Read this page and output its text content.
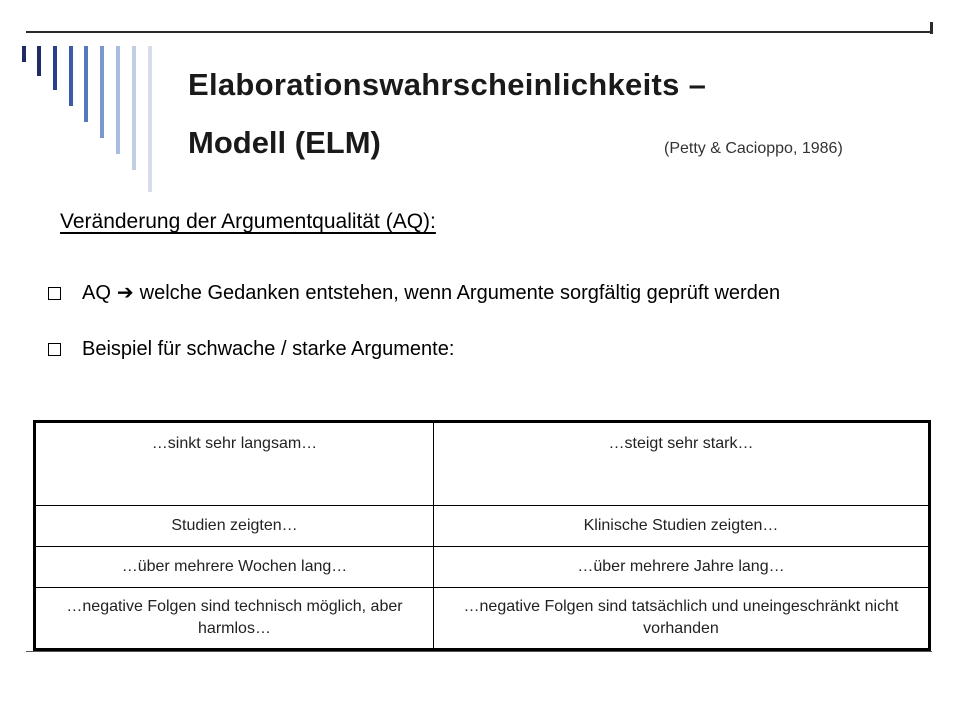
Elaborationswahrscheinlichkeits –
Modell (ELM)	(Petty & Cacioppo, 1986)
Veränderung der Argumentqualität (AQ):
AQ ➔ welche Gedanken entstehen, wenn Argumente sorgfältig geprüft werden
Beispiel für schwache / starke Argumente:
…sinkt sehr langsam…	…steigt sehr stark…
Studien zeigten…	Klinische Studien zeigten…
…über mehrere Wochen lang…	…über mehrere Jahre lang…
…negative Folgen sind technisch möglich, aber harmlos…	…negative Folgen sind tatsächlich und uneingeschränkt nicht vorhanden
